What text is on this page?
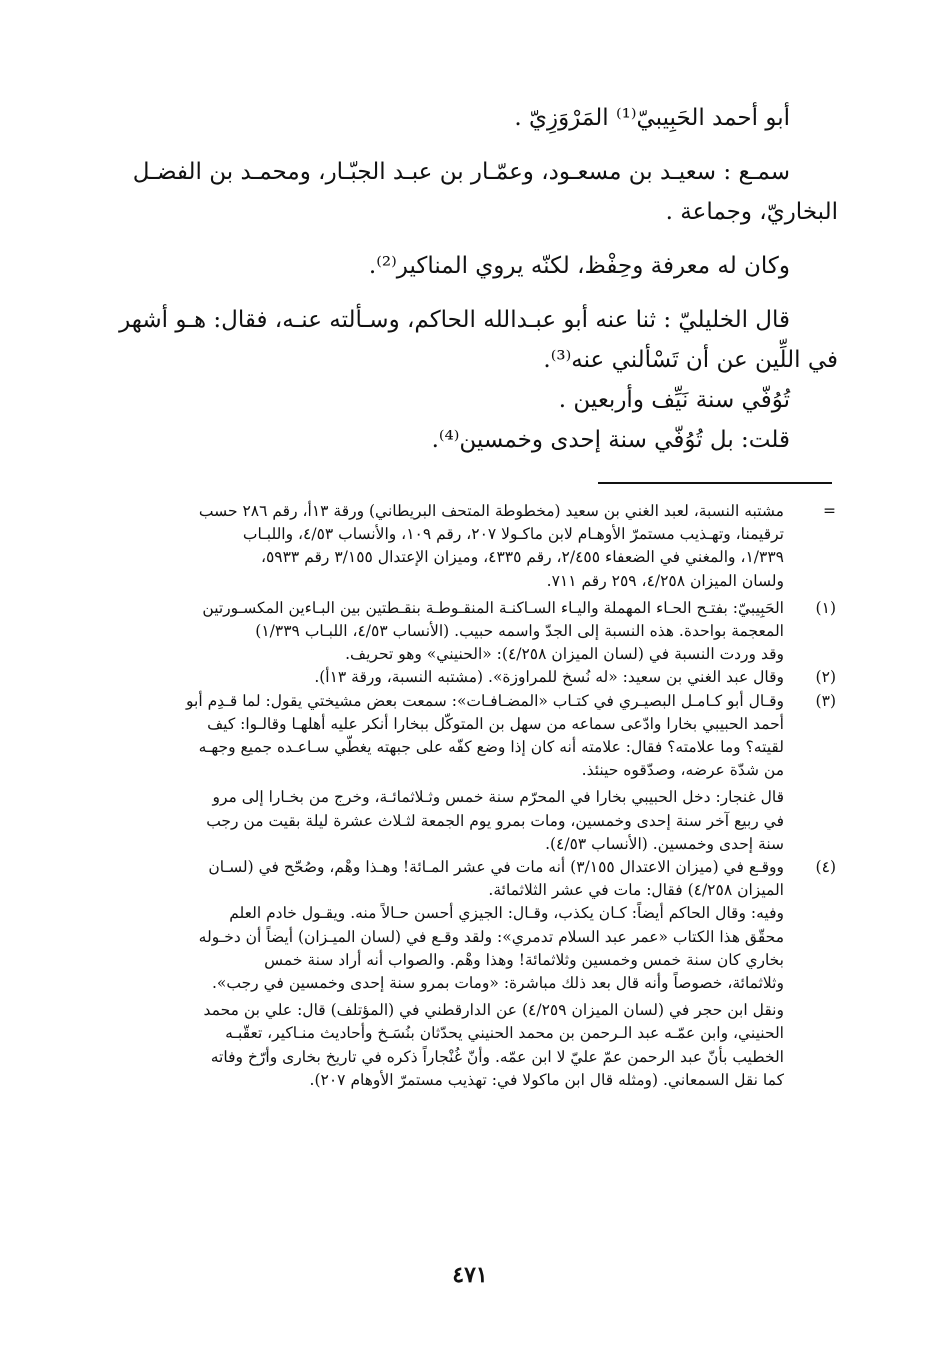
أبو أحمد الحَبِيبيّ⁽¹⁾ المَرْوَزِيّ .

سمـع : سعيـد بن مسعـود، وعمّـار بن عبـد الجبّـار، ومحمـد بن الفضـل

البخاريّ، وجماعة .

وكان له معرفة وحِفْظ، لكنّه يروي المناكير⁽²⁾.

قال الخليليّ : ثنا عنه أبو عبـدالله الحاكم، وسـألته عنـه، فقال: هـو أشهر

في اللِّين عن أن تَسْألني عنه⁽³⁾.

تُوُفّي سنة نَيِّف وأربعين .

قلت: بل تُوُفّي سنة إحدى وخمسين⁽⁴⁾.

=
مشتبه النسبة، لعبد الغني بن سعيد (مخطوطة المتحف البريطاني) ورقة ١٣أ، رقم ٢٨٦ حسب
ترقيمنا، وتهـذيب مستمرّ الأوهـام لابن ماكـولا ٢٠٧، رقم ١٠٩، والأنساب ٤/٥٣، واللبـاب
١/٣٣٩، والمغني في الضعفاء ٢/٤٥٥، رقم ٤٣٣٥، وميزان الإعتدال ٣/١٥٥ رقم ٥٩٣٣،
ولسان الميزان ٤/٢٥٨، ٢٥٩ رقم ٧١١.
(١)
الحَبِيبيّ: بفتـح الحـاء المهملة واليـاء السـاكنـة المنقـوطـة بنقـطتين بين البـاءين المكسـورتين
المعجمة بواحدة. هذه النسبة إلى الجدّ واسمه حبيب. (الأنساب ٤/٥٣، اللبـاب ١/٣٣٩)
وقد وردت النسبة في (لسان الميزان ٤/٢٥٨): «الحنيني» وهو تحريف.
(٢)
وقال عبد الغني بن سعيد: «له نُسخ للمراوزة». (مشتبه النسبة، ورقة ١٣أ).
(٣)
وقـال أبو كـامـل البصيـري في كتـاب «المضـافـات»: سمعت بعض مشيختي يقول: لما قـدِم أبو
أحمد الحبيبي بخارا وادّعى سماعه من سهل بن المتوكّل ببخارا أنكر عليه أهلهـا وقالـوا: كيف
لقيته؟ وما علامته؟ فقال: علامته أنه كان إذا وضع كفّه على جبهته يغطّي سـاعـده جميع وجهـه
من شدّة عرضه، وصدّقوه حينئذ.
قال غنجار: دخل الحبيبي بخارا في المحرّم سنة خمس وثـلاثمائـة، وخرج من بخـارا إلى مرو
في ربيع آخر سنة إحدى وخمسين، ومات بمرو يوم الجمعة لثـلاث عشرة ليلة بقيت من رجب
سنة إحدى وخمسين. (الأنساب ٤/٥٣).
(٤)
ووقـع في (ميزان الاعتدال ٣/١٥٥) أنه مات في عشر المـائة! وهـذا وهْم، وصُحّح في (لسـان
الميزان ٤/٢٥٨) فقال: مات في عشر الثلاثمائة.
وفيه: وقال الحاكم أيضاً: كـان يكذب، وقـال: الجيزي أحسن حـالاً منه. ويقـول خادم العلم
محقّق هذا الكتاب «عمر عبد السلام تدمري»: ولقد وقـع في (لسان الميـزان) أيضاً أن دخـوله
بخاري كان سنة خمس وخمسين وثلاثمائة! وهذا وهْم. والصواب أنه أراد سنة خمس
وثلاثمائة، خصوصاً وأنه قال بعد ذلك مباشرة: «ومات بمرو سنة إحدى وخمسين في رجب».
ونقل ابن حجر في (لسان الميزان ٤/٢٥٩) عن الدارقطني في (المؤتلف) قال: علي بن محمد
الحنيني، وابن عمّـه عبد الـرحمن بن محمد الحنيني يحدّثان بنُسَـخ وأحاديث منـاكير، تعقّبـه
الخطيب بأنّ عبد الرحمن عمّ عليّ لا ابن عمّه. وأنّ غُنْجاراً ذكره في تاريخ بخارى وأرّخ وفاته
كما نقل السمعاني. (ومثله قال ابن ماكولا في: تهذيب مستمرّ الأوهام ٢٠٧).
٤٧١
